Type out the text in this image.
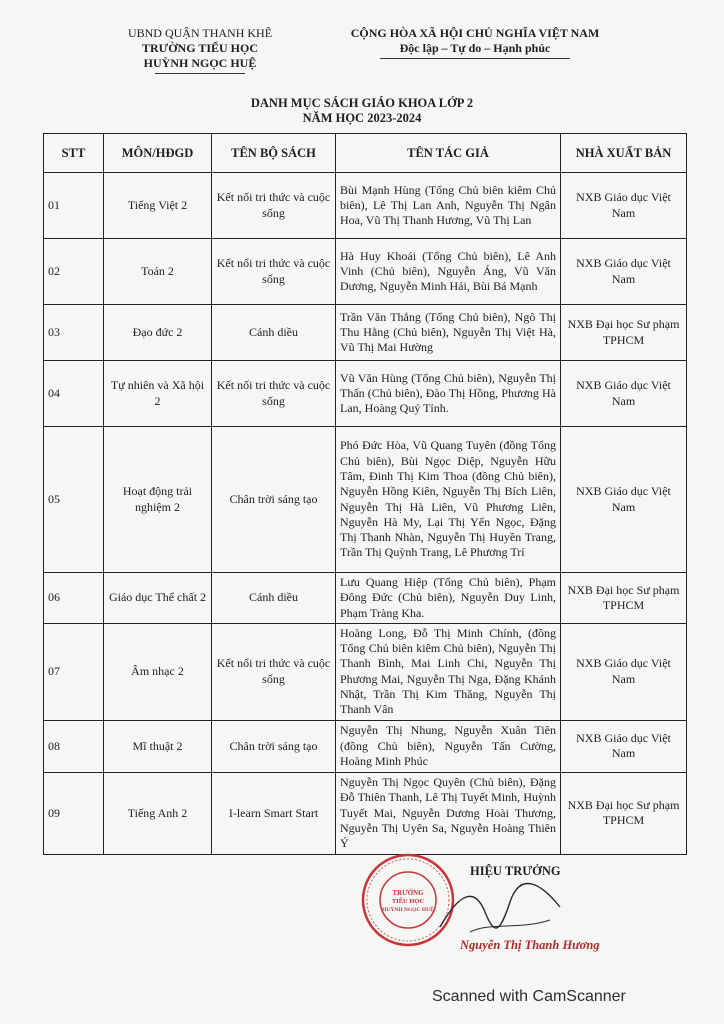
UBND QUẬN THANH KHÊ
TRƯỜNG TIỂU HỌC
HUỲNH NGỌC HUỆ
CỘNG HÒA XÃ HỘI CHỦ NGHĨA VIỆT NAM
Độc lập – Tự do – Hạnh phúc
DANH MỤC SÁCH GIÁO KHOA LỚP 2
NĂM HỌC 2023-2024
STT	MÔN/HĐGD	TÊN BỘ SÁCH	TÊN TÁC GIẢ	NHÀ XUẤT BẢN
01	Tiếng Việt 2	Kết nối tri thức và cuộc sống	Bùi Mạnh Hùng (Tổng Chủ biên kiêm Chủ biên), Lê Thị Lan Anh, Nguyễn Thị Ngân Hoa, Vũ Thị Thanh Hương, Vũ Thị Lan	NXB Giáo dục Việt Nam
02	Toán 2	Kết nối tri thức và cuộc sống	Hà Huy Khoái (Tổng Chủ biên), Lê Anh Vinh (Chủ biên), Nguyễn Áng, Vũ Văn Dương, Nguyễn Minh Hải, Bùi Bá Mạnh	NXB Giáo dục Việt Nam
03	Đạo đức 2	Cánh diều	Trần Văn Thắng (Tổng Chủ biên), Ngô Thị Thu Hằng (Chủ biên), Nguyễn Thị Việt Hà, Vũ Thị Mai Hường	NXB Đại học Sư phạm TPHCM
04	Tự nhiên và Xã hội 2	Kết nối tri thức và cuộc sống	Vũ Văn Hùng (Tổng Chủ biên), Nguyễn Thị Thấn (Chủ biên), Đào Thị Hồng, Phương Hà Lan, Hoàng Quý Tỉnh.	NXB Giáo dục Việt Nam
05	Hoạt động trải nghiệm 2	Chân trời sáng tạo	Phó Đức Hòa, Vũ Quang Tuyên (đồng Tổng Chủ biên), Bùi Ngọc Diệp, Nguyễn Hữu Tâm, Đinh Thị Kim Thoa (đồng Chủ biên), Nguyễn Hồng Kiên, Nguyễn Thị Bích Liên, Nguyễn Thị Hà Liên, Vũ Phương Liên, Nguyễn Hà My, Lại Thị Yến Ngọc, Đặng Thị Thanh Nhàn, Nguyễn Thị Huyền Trang, Trần Thị Quỳnh Trang, Lê Phương Trí	NXB Giáo dục Việt Nam
06	Giáo dục Thể chất 2	Cánh diều	Lưu Quang Hiệp (Tổng Chủ biên), Phạm Đông Đức (Chủ biên), Nguyễn Duy Linh, Phạm Tràng Kha.	NXB Đại học Sư phạm TPHCM
07	Âm nhạc 2	Kết nối tri thức và cuộc sống	Hoàng Long, Đỗ Thị Minh Chính, (đồng Tổng Chủ biên kiêm Chủ biên), Nguyễn Thị Thanh Bình, Mai Linh Chi, Nguyễn Thị Phương Mai, Nguyễn Thị Nga, Đặng Khánh Nhật, Trần Thị Kim Thăng, Nguyễn Thị Thanh Vân	NXB Giáo dục Việt Nam
08	Mĩ thuật 2	Chân trời sáng tạo	Nguyễn Thị Nhung, Nguyễn Xuân Tiên (đồng Chủ biên), Nguyễn Tấn Cường, Hoàng Minh Phúc	NXB Giáo dục Việt Nam
09	Tiếng Anh 2	I-learn Smart Start	Nguyễn Thị Ngọc Quyên (Chủ biên), Đặng Đỗ Thiên Thanh, Lê Thị Tuyết Minh, Huỳnh Tuyết Mai, Nguyễn Dương Hoài Thương, Nguyễn Thị Uyên Sa, Nguyễn Hoàng Thiên Ý	NXB Đại học Sư phạm TPHCM
TRƯỜNG
TIỂU HỌC
HUỲNH NGỌC HUỆ
HIỆU TRƯỞNG
Nguyễn Thị Thanh Hương
Scanned with CamScanner
